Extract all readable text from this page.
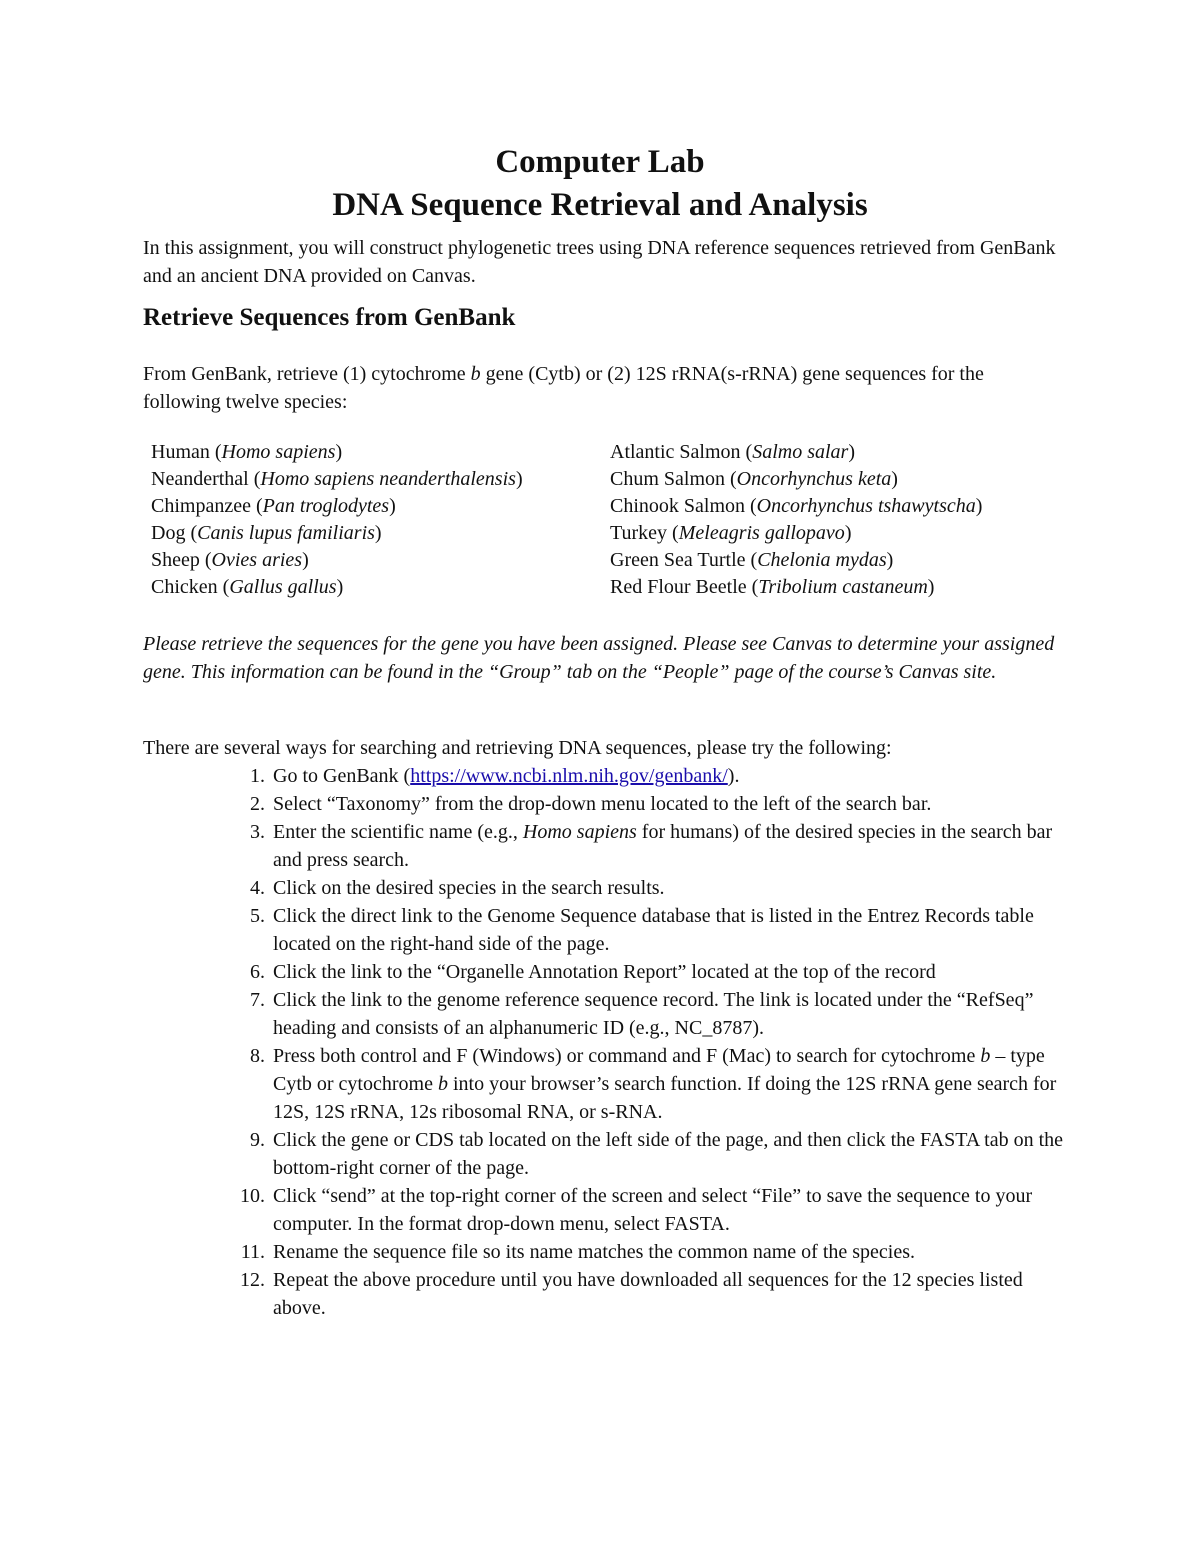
Computer Lab
DNA Sequence Retrieval and Analysis

In this assignment, you will construct phylogenetic trees using DNA reference sequences retrieved from GenBank and an ancient DNA provided on Canvas.

Retrieve Sequences from GenBank

From GenBank, retrieve (1) cytochrome b gene (Cytb) or (2) 12S rRNA(s-rRNA) gene sequences for the following twelve species:

Human (Homo sapiens)
Neanderthal (Homo sapiens neanderthalensis)
Chimpanzee (Pan troglodytes)
Dog (Canis lupus familiaris)
Sheep (Ovies aries)
Chicken (Gallus gallus)
Atlantic Salmon (Salmo salar)
Chum Salmon (Oncorhynchus keta)
Chinook Salmon (Oncorhynchus tshawytscha)
Turkey (Meleagris gallopavo)
Green Sea Turtle (Chelonia mydas)
Red Flour Beetle (Tribolium castaneum)

Please retrieve the sequences for the gene you have been assigned. Please see Canvas to determine your assigned gene. This information can be found in the “Group” tab on the “People” page of the course’s Canvas site.

There are several ways for searching and retrieving DNA sequences, please try the following:

1. Go to GenBank (https://www.ncbi.nlm.nih.gov/genbank/).
2. Select “Taxonomy” from the drop-down menu located to the left of the search bar.
3. Enter the scientific name (e.g., Homo sapiens for humans) of the desired species in the search bar and press search.
4. Click on the desired species in the search results.
5. Click the direct link to the Genome Sequence database that is listed in the Entrez Records table located on the right-hand side of the page.
6. Click the link to the “Organelle Annotation Report” located at the top of the record
7. Click the link to the genome reference sequence record. The link is located under the “RefSeq” heading and consists of an alphanumeric ID (e.g., NC_8787).
8. Press both control and F (Windows) or command and F (Mac) to search for cytochrome b – type Cytb or cytochrome b into your browser’s search function. If doing the 12S rRNA gene search for 12S, 12S rRNA, 12s ribosomal RNA, or s-RNA.
9. Click the gene or CDS tab located on the left side of the page, and then click the FASTA tab on the bottom-right corner of the page.
10. Click “send” at the top-right corner of the screen and select “File” to save the sequence to your computer. In the format drop-down menu, select FASTA.
11. Rename the sequence file so its name matches the common name of the species.
12. Repeat the above procedure until you have downloaded all sequences for the 12 species listed above.
